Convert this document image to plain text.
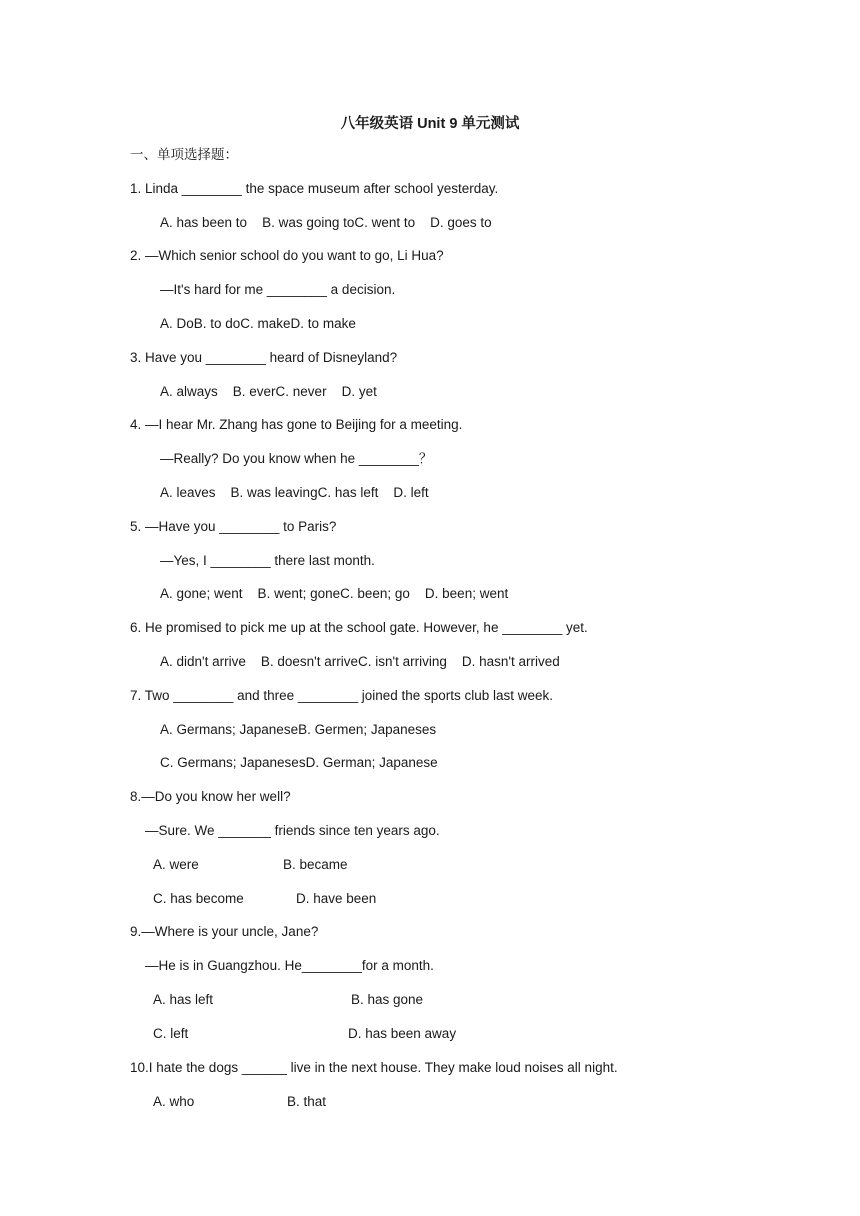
八年级英语 Unit 9 单元测试
一、单项选择题：
1. Linda ________ the space museum after school yesterday.
A. has been to    B. was going toC. went to    D. goes to
2. —Which senior school do you want to go, Li Hua?
—It's hard for me ________ a decision.
A. DoB. to doC. makeD. to make
3. Have you ________ heard of Disneyland?
A. always    B. everC. never    D. yet
4. —I hear Mr. Zhang has gone to Beijing for a meeting.
—Really? Do you know when he ________？
A. leaves    B. was leavingC. has left    D. left
5. —Have you ________ to Paris?
—Yes, I ________ there last month.
A. gone; went    B. went; goneC. been; go    D. been; went
6. He promised to pick me up at the school gate. However, he ________ yet.
A. didn't arrive    B. doesn't arriveC. isn't arriving    D. hasn't arrived
7. Two ________ and three ________ joined the sports club last week.
A. Germans; JapaneseB. Germen; Japaneses
C. Germans; JapanesesD. German; Japanese
8.—Do you know her well?
—Sure. We _______ friends since ten years ago.
A. were	B. became
C. has become	D. have been
9.—Where is your uncle, Jane?
—He is in Guangzhou. He________for a month.
A. has left	B. has gone
C. left	D. has been away
10.I hate the dogs ______ live in the next house. They make loud noises all night.
A. who	B. that
